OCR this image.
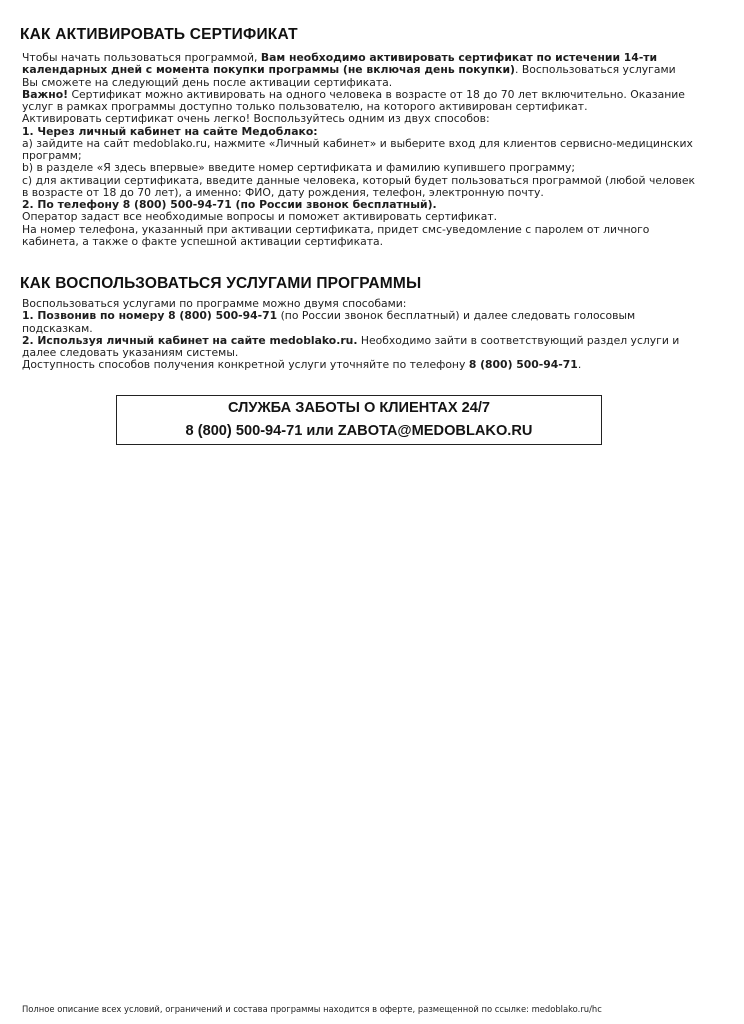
КАК АКТИВИРОВАТЬ СЕРТИФИКАТ
Чтобы начать пользоваться программой, Вам необходимо активировать сертификат по истечении 14-ти
календарных дней с момента покупки программы (не включая день покупки). Воспользоваться услугами
Вы сможете на следующий день после активации сертификата.
Важно! Сертификат можно активировать на одного человека в возрасте от 18 до 70 лет включительно. Оказание
услуг в рамках программы доступно только пользователю, на которого активирован сертификат.
Активировать сертификат очень легко! Воспользуйтесь одним из двух способов:
1. Через личный кабинет на сайте Медоблако:
a) зайдите на сайт medoblako.ru, нажмите «Личный кабинет» и выберите вход для клиентов сервисно-медицинских
программ;
b) в разделе «Я здесь впервые» введите номер сертификата и фамилию купившего программу;
c) для активации сертификата, введите данные человека, который будет пользоваться программой (любой человек
в возрасте от 18 до 70 лет), а именно: ФИО, дату рождения, телефон, электронную почту.
2. По телефону 8 (800) 500-94-71 (по России звонок бесплатный).
Оператор задаст все необходимые вопросы и поможет активировать сертификат.
На номер телефона, указанный при активации сертификата, придет смс-уведомление с паролем от личного
кабинета, а также о факте успешной активации сертификата.
КАК ВОСПОЛЬЗОВАТЬСЯ УСЛУГАМИ ПРОГРАММЫ
Воспользоваться услугами по программе можно двумя способами:
1. Позвонив по номеру 8 (800) 500-94-71 (по России звонок бесплатный) и далее следовать голосовым
подсказкам.
2. Используя личный кабинет на сайте medoblako.ru. Необходимо зайти в соответствующий раздел услуги и
далее следовать указаниям системы.
Доступность способов получения конкретной услуги уточняйте по телефону 8 (800) 500-94-71.
СЛУЖБА ЗАБОТЫ О КЛИЕНТАХ 24/7
8 (800) 500-94-71 или ZABOTA@MEDOBLAKO.RU
Полное описание всех условий, ограничений и состава программы находится в оферте, размещенной по ссылке: medoblako.ru/hc
